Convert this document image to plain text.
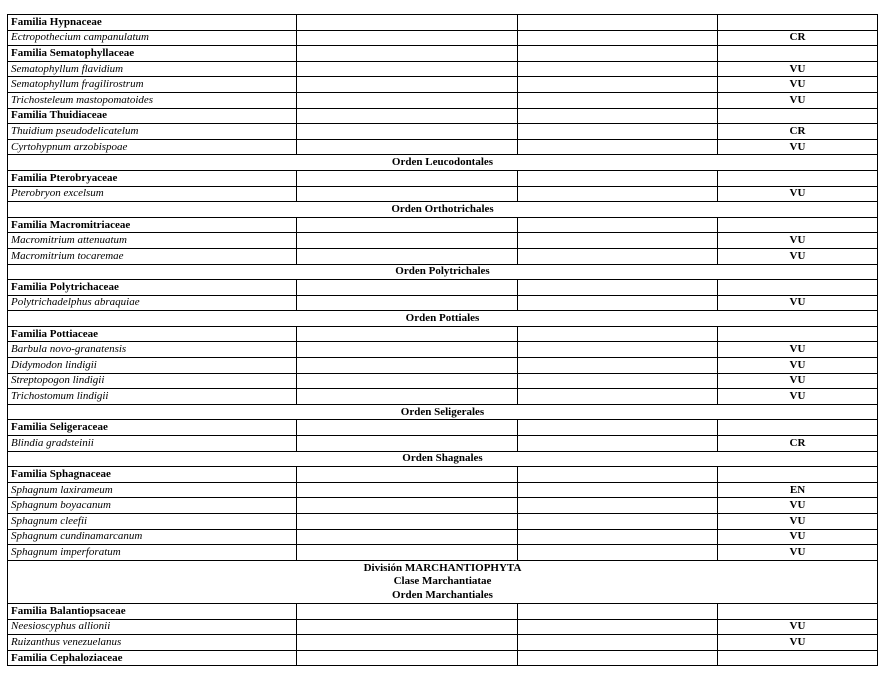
Familia Hypnaceae			
Ectropothecium campanulatum			CR
Familia Sematophyllaceae			
Sematophyllum flavidium			VU
Sematophyllum fragilirostrum			VU
Trichosteleum mastopomatoides			VU
Familia Thuidiaceae			
Thuidium pseudodelicatelum			CR
Cyrtohypnum arzobispoae			VU
Orden Leucodontales			
Familia Pterobryaceae			
Pterobryon excelsum			VU
Orden Orthotrichales			
Familia Macromitriaceae			
Macromitrium attenuatum			VU
Macromitrium tocaremae			VU
Orden Polytrichales			
Familia Polytrichaceae			
Polytrichadelphus abraquiae			VU
Orden Pottiales			
Familia Pottiaceae			
Barbula novo-granatensis			VU
Didymodon lindigii			VU
Streptopogon lindigii			VU
Trichostomum lindigii			VU
Orden Seligerales			
Familia Seligeraceae			
Blindia gradsteinii			CR
Orden Shagnales			
Familia Sphagnaceae			
Sphagnum laxirameum			EN
Sphagnum boyacanum			VU
Sphagnum cleefii			VU
Sphagnum cundinamarcanum			VU
Sphagnum imperforatum			VU

División MARCHANTIOPHYTA
Clase Marchantiatae
Orden Marchantiales			

Familia Balantiopsaceae			
Neesioscyphus allionii			VU
Ruizanthus venezuelanus			VU
Familia Cephaloziaceae			
